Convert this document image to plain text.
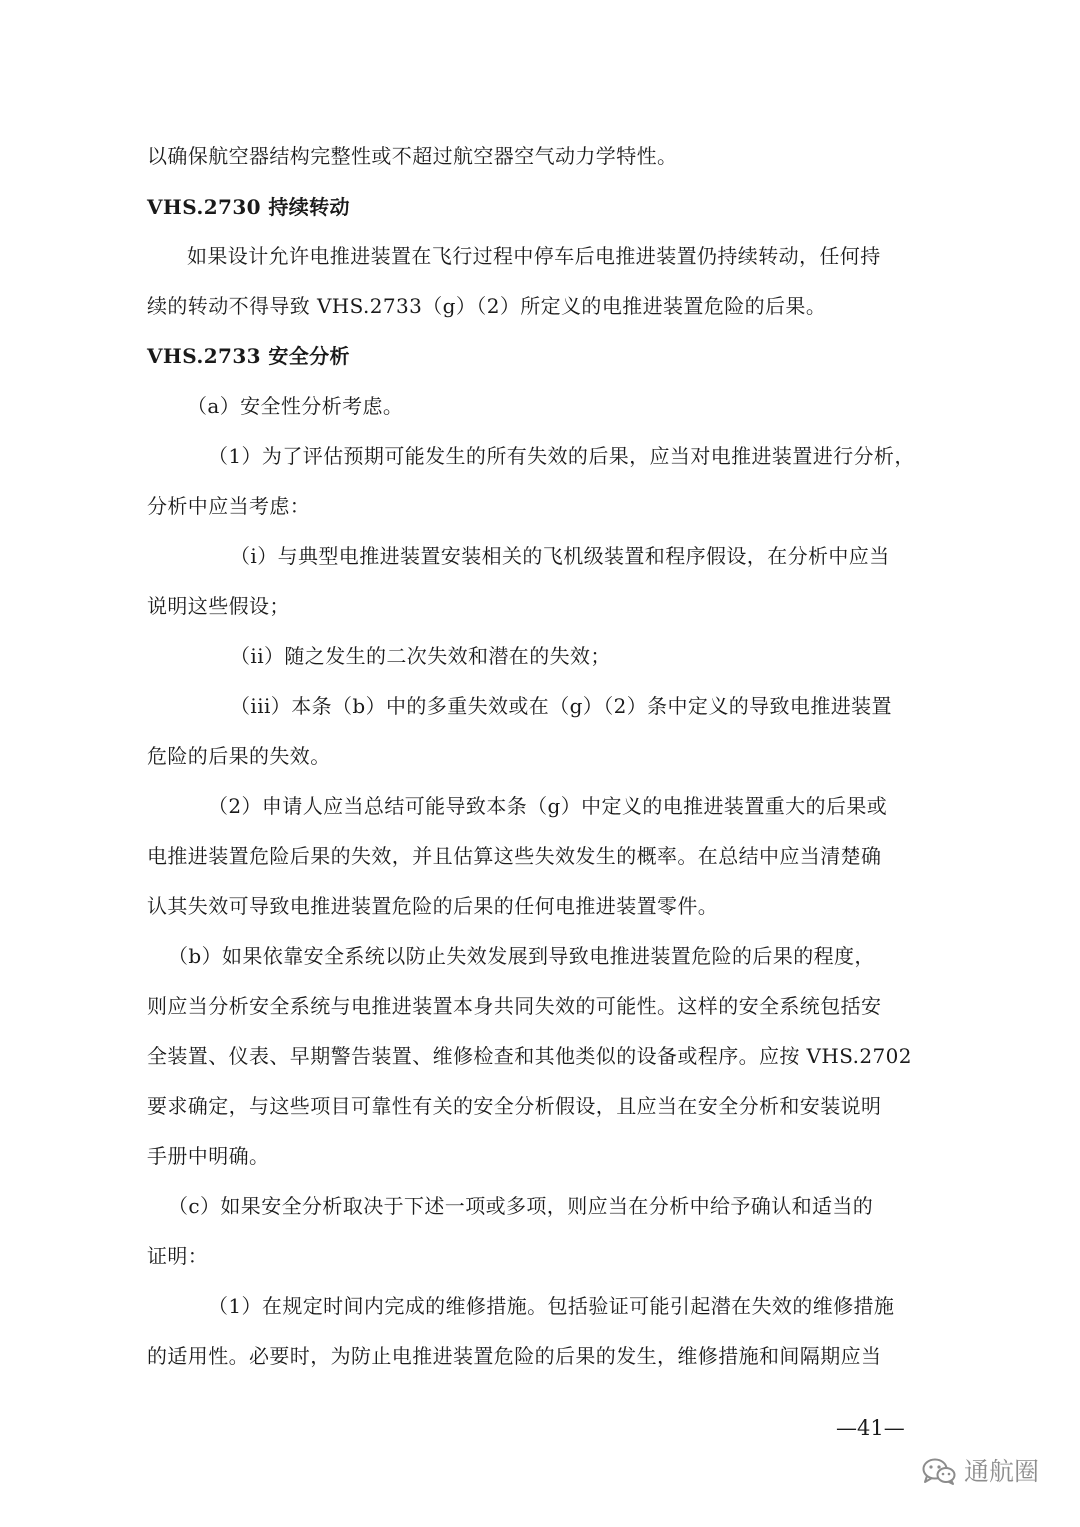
以确保航空器结构完整性或不超过航空器空气动力学特性。
VHS.2730 持续转动
如果设计允许电推进装置在飞行过程中停车后电推进装置仍持续转动，任何持
续的转动不得导致 VHS.2733（g）（2）所定义的电推进装置危险的后果。
VHS.2733 安全分析
（a）安全性分析考虑。
（1）为了评估预期可能发生的所有失效的后果，应当对电推进装置进行分析，
分析中应当考虑：
（i）与典型电推进装置安装相关的飞机级装置和程序假设，在分析中应当
说明这些假设；
（ii）随之发生的二次失效和潜在的失效；
（iii）本条（b）中的多重失效或在（g）（2）条中定义的导致电推进装置
危险的后果的失效。
（2）申请人应当总结可能导致本条（g）中定义的电推进装置重大的后果或
电推进装置危险后果的失效，并且估算这些失效发生的概率。在总结中应当清楚确
认其失效可导致电推进装置危险的后果的任何电推进装置零件。
（b）如果依靠安全系统以防止失效发展到导致电推进装置危险的后果的程度，
则应当分析安全系统与电推进装置本身共同失效的可能性。这样的安全系统包括安
全装置、仪表、早期警告装置、维修检查和其他类似的设备或程序。应按 VHS.2702
要求确定，与这些项目可靠性有关的安全分析假设，且应当在安全分析和安装说明
手册中明确。
（c）如果安全分析取决于下述一项或多项，则应当在分析中给予确认和适当的
证明：
（1）在规定时间内完成的维修措施。包括验证可能引起潜在失效的维修措施
的适用性。必要时，为防止电推进装置危险的后果的发生，维修措施和间隔期应当
—41—
通航圈
